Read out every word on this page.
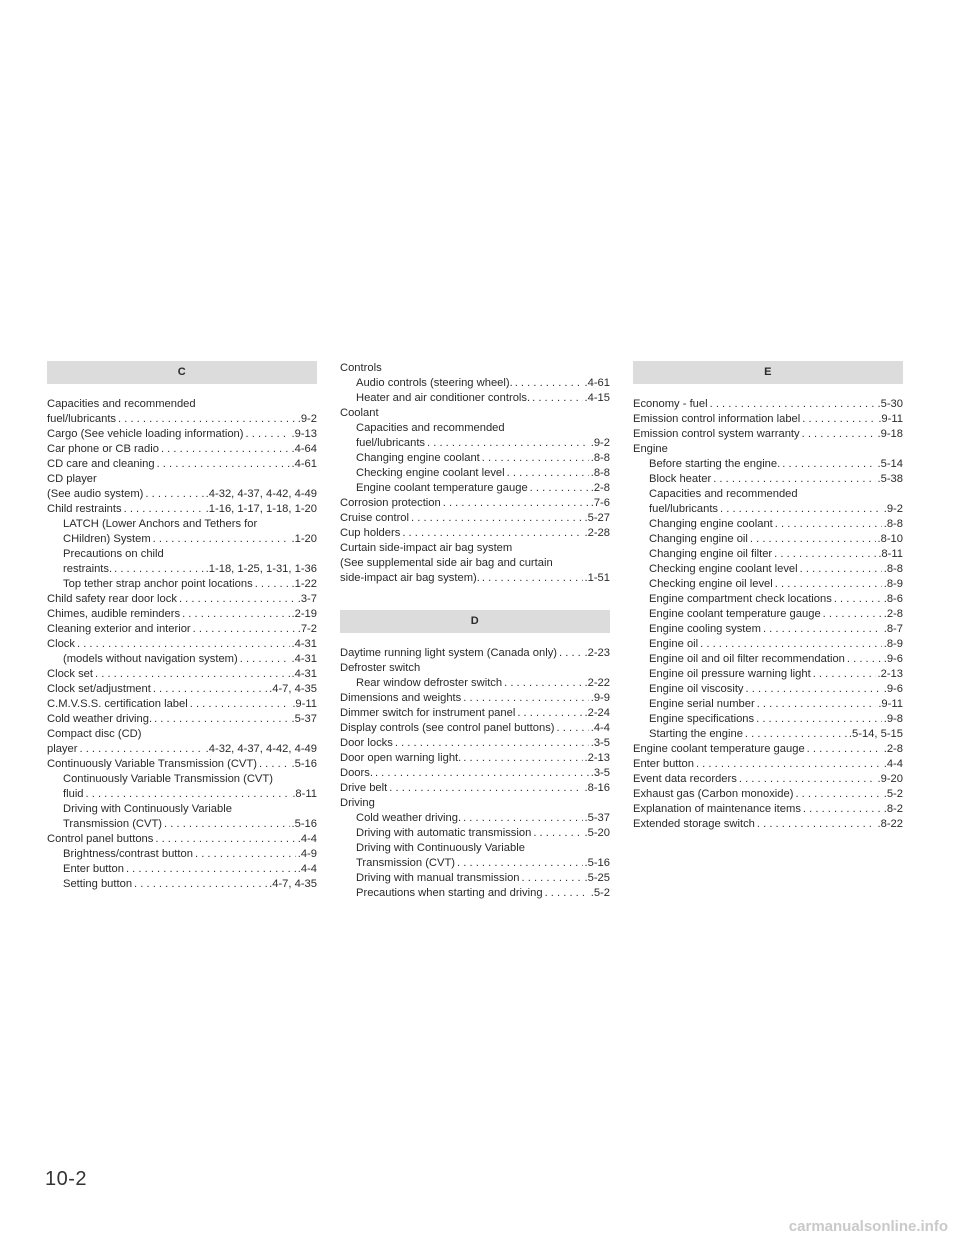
C
Capacities and recommended
fuel/lubricants . . .	.9-2
Cargo (See vehicle loading information) . . .	.9-13
Car phone or CB radio . . .	.4-64
CD care and cleaning . . .	.4-61
CD player
(See audio system) . . .	.4-32, 4-37, 4-42, 4-49
Child restraints . . .	.1-16, 1-17, 1-18, 1-20
LATCH (Lower Anchors and Tethers for
CHildren) System . . .	.1-20
Precautions on child
restraints. . . .	.1-18, 1-25, 1-31, 1-36
Top tether strap anchor point locations . . .	.1-22
Child safety rear door lock . . .	.3-7
Chimes, audible reminders . . .	.2-19
Cleaning exterior and interior . . .	.7-2
Clock . . .	.4-31
(models without navigation system) . . .	.4-31
Clock set . . .	.4-31
Clock set/adjustment . . .	.4-7, 4-35
C.M.V.S.S. certification label . . .	.9-11
Cold weather driving. . . .	.5-37
Compact disc (CD)
player . . .	.4-32, 4-37, 4-42, 4-49
Continuously Variable Transmission (CVT) . . .	.5-16
Continuously Variable Transmission (CVT)
fluid . . .	.8-11
Driving with Continuously Variable
Transmission (CVT) . . .	.5-16
Control panel buttons . . .	.4-4
Brightness/contrast button . . .	.4-9
Enter button . . .	.4-4
Setting button . . .	.4-7, 4-35
Controls
Audio controls (steering wheel). . . .	.4-61
Heater and air conditioner controls. . . .	.4-15
Coolant
Capacities and recommended
fuel/lubricants . . .	.9-2
Changing engine coolant . . .	.8-8
Checking engine coolant level . . .	.8-8
Engine coolant temperature gauge . . .	.2-8
Corrosion protection . . .	.7-6
Cruise control . . .	.5-27
Cup holders . . .	.2-28
Curtain side-impact air bag system
(See supplemental side air bag and curtain
side-impact air bag system). . . .	.1-51
D
Daytime running light system (Canada only) . . . .2-23
Defroster switch
Rear window defroster switch . . .	.2-22
Dimensions and weights . . .	.9-9
Dimmer switch for instrument panel . . .	.2-24
Display controls (see control panel buttons) . . .	.4-4
Door locks . . .	.3-5
Door open warning light. . . .	.2-13
Doors. . . .	.3-5
Drive belt . . .	.8-16
Driving
Cold weather driving. . . .	.5-37
Driving with automatic transmission . . .	.5-20
Driving with Continuously Variable
Transmission (CVT) . . .	.5-16
Driving with manual transmission . . .	.5-25
Precautions when starting and driving . . .	.5-2
E
Economy - fuel . . .	.5-30
Emission control information label . . .	.9-11
Emission control system warranty . . .	.9-18
Engine
Before starting the engine. . . .	.5-14
Block heater . . .	.5-38
Capacities and recommended
fuel/lubricants . . .	.9-2
Changing engine coolant . . .	.8-8
Changing engine oil . . .	.8-10
Changing engine oil filter . . .	.8-11
Checking engine coolant level . . .	.8-8
Checking engine oil level . . .	.8-9
Engine compartment check locations . . .	.8-6
Engine coolant temperature gauge . . .	.2-8
Engine cooling system . . .	.8-7
Engine oil . . .	.8-9
Engine oil and oil filter recommendation . . .	.9-6
Engine oil pressure warning light . . .	.2-13
Engine oil viscosity . . .	.9-6
Engine serial number . . .	.9-11
Engine specifications . . .	.9-8
Starting the engine . . .	.5-14, 5-15
Engine coolant temperature gauge . . .	.2-8
Enter button . . .	.4-4
Event data recorders . . .	.9-20
Exhaust gas (Carbon monoxide) . . .	.5-2
Explanation of maintenance items . . .	.8-2
Extended storage switch . . .	.8-22
10-2
carmanualsonline.info
